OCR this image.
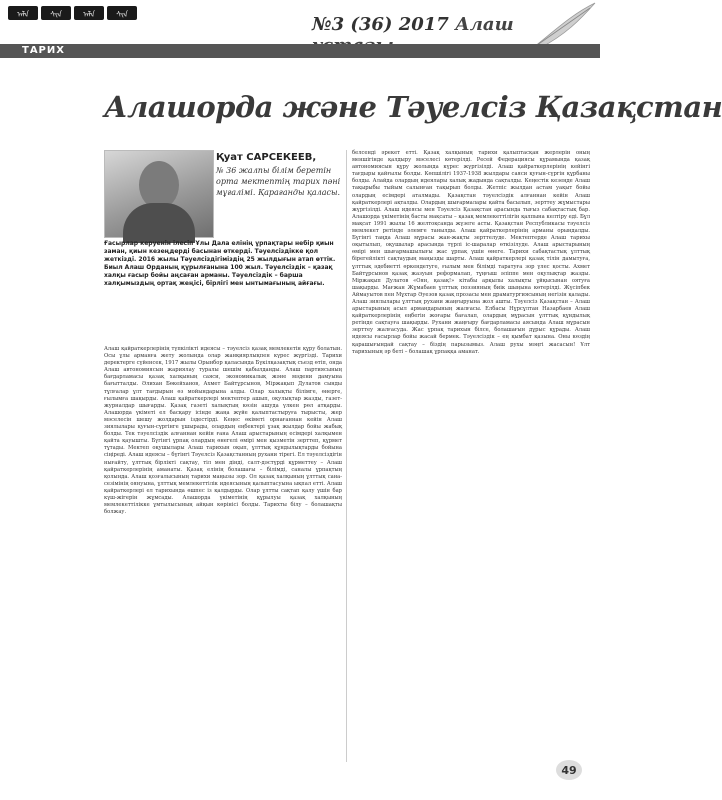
ᠠᠯᠠ	ᠰᠢᠨ	ᠠᠯᠠ	ᠰᠢᠨ	№3 (36) 2017 Алаш
ТАРИХ
Алашорда және Тәуелсіз Қазақстан
Қуат САРСЕКЕЕВ,
№ 36 жалпы білім беретін орта мектептің тарих пәні мұғалімі. Қарағанды қаласы.
Ғасырлар керуенін ілесіп Ұлы Дала елінің ұрпақтары небір қиын заман, қиын кезеңдерді басынан өткерді. Тәуелсіздікке қол жеткізді. 2016 жылы Тәуелсіздігіміздің 25 жылдығын атап өттік. Биыл Алаш Орданың құрылғанына 100 жыл. Тәуелсіздік – қазақ халқы ғасыр бойы аңсаған арманы. Тәуелсіздік – барша халқымыздың ортақ жеңісі, бірлігі мен ынтымағының айғағы.
Алаш қайраткерлерінің түпкілікті идеясы – тәуелсіз қазақ мемлекетін құру болатын. Осы ұлы арманға жету жолында олар жанқиярлықпен күрес жүргізді. Тарихи деректерге сүйенсек, 1917 жылы Орынбор қаласында Бүкілқазақтық съезд өтіп, онда Алаш автономиясын жариялау туралы шешім қабылданды. Алаш партиясының бағдарламасы қазақ халқының саяси, экономикалық және мәдени дамуына бағытталды. Әлихан Бөкейханов, Ахмет Байтұрсынов, Міржақып Дулатов сынды тұлғалар ұлт тағдырын өз мойындарына алды. Олар халықты білімге, өнерге, ғылымға шақырды. Алаш қайраткерлері мектептер ашып, оқулықтар жазды, газет-журналдар шығарды. Қазақ газеті халықтың көзін ашуда үлкен рөл атқарды. Алашорда үкіметі ел басқару ісінде жаңа жүйе қалыптастыруға тырысты, жер мәселесін шешу жолдарын іздестірді. Кеңес өкіметі орнағаннан кейін Алаш зиялылары қуғын-сүргінге ұшырады, олардың еңбектері ұзақ жылдар бойы жабық болды. Тек тәуелсіздік алғаннан кейін ғана Алаш арыстарының есімдері халқымен қайта қауышты. Бүгінгі ұрпақ олардың өнегелі өмірі мен қызметін зерттеп, құрмет тұтады. Мектеп оқушылары Алаш тарихын оқып, ұлттық құндылықтарды бойына сіңіреді. Алаш идеясы – бүгінгі Тәуелсіз Қазақстанның рухани тірегі. Ел тәуелсіздігін нығайту, ұлттық бірлікті сақтау, тіл мен дінді, салт-дәстүрді құрметтеу – Алаш қайраткерлерінің аманаты. Қазақ елінің болашағы – білімді, саналы ұрпақтың қолында. Алаш қозғалысының тарихи маңызы зор. Ол қазақ халқының ұлттық сана-сезімінің оянуына, ұлттық мемлекеттілік идеясының қалыптасуына ықпал етті. Алаш қайраткерлері ел тарихында өшпес із қалдырды. Олар ұлтты сақтап қалу үшін бар күш-жігерін жұмсады. Алашорда үкіметінің құрылуы қазақ халқының мемлекеттілікке ұмтылысының айқын көрінісі болды. Тарихты білу – болашақты болжау.
белсенді әрекет етті. Қазақ халқының тарихи қалыптасқан жерлерін оның меншігінде қалдыру мәселесі көтерілді. Ресей Федерациясы құрамында қазақ автономиясын құру жолында күрес жүргізілді. Алаш қайраткерлерінің кейінгі тағдыры қайғылы болды. Көпшілігі 1937-1938 жылдары саяси қуғын-сүргін құрбаны болды. Алайда олардың идеялары халық жадында сақталды. Кеңестік кезеңде Алаш тақырыбы тыйым салынған тақырып болды. Жетпіс жылдан астам уақыт бойы олардың есімдері аталмады. Қазақстан тәуелсіздік алғаннан кейін Алаш қайраткерлері ақталды. Олардың шығармалары қайта басылып, зерттеу жұмыстары жүргізілді. Алаш идеясы мен Тәуелсіз Қазақстан арасында тығыз сабақтастық бар. Алашорда үкіметінің басты мақсаты – қазақ мемлекеттілігін қалпына келтіру еді. Бұл мақсат 1991 жылы 16 желтоқсанда жүзеге асты. Қазақстан Республикасы тәуелсіз мемлекет ретінде әлемге танылды. Алаш қайраткерлерінің арманы орындалды. Бүгінгі таңда Алаш мұрасы жан-жақты зерттелуде. Мектептерде Алаш тарихы оқытылып, оқушылар арасында түрлі іс-шаралар өткізілуде. Алаш арыстарының өмірі мен шығармашылығы жас ұрпақ үшін өнеге. Тарихи сабақтастық ұлттық бірегейлікті сақтаудың маңызды шарты. Алаш қайраткерлері қазақ тілін дамытуға, ұлттық әдебиетті өркендетуге, ғылым мен білімді таратуға зор үлес қосты. Ахмет Байтұрсынов қазақ жазуын реформалап, тұңғыш әліппе мен оқулықтар жазды. Міржақып Дулатов «Оян, қазақ!» кітабы арқылы халықты ұйқысынан оятуға шақырды. Мағжан Жұмабаев ұлттық поэзияның биік шыңына көтерілді. Жүсіпбек Аймауытов пен Мұхтар Әуезов қазақ прозасы мен драматургиясының негізін қалады. Алаш зиялылары ұлттың рухани жаңғыруына жол ашты. Тәуелсіз Қазақстан – Алаш арыстарының асыл армандарының жалғасы. Елбасы Нұрсұлтан Назарбаев Алаш қайраткерлерінің еңбегін жоғары бағалап, олардың мұрасын ұлттық құндылық ретінде сақтауға шақырды. Рухани жаңғыру бағдарламасы аясында Алаш мұрасын зерттеу жалғасуда. Жас ұрпақ тарихын білсе, болашағын дұрыс құрады. Алаш идеясы ғасырлар бойы жасай бермек. Тәуелсіздік – ең қымбат қазына. Оны көздің қарашығындай сақтау – біздің парызымыз. Алаш рухы мәңгі жасасын! Ұлт тарихының әр беті – болашақ ұрпаққа аманат.
49
